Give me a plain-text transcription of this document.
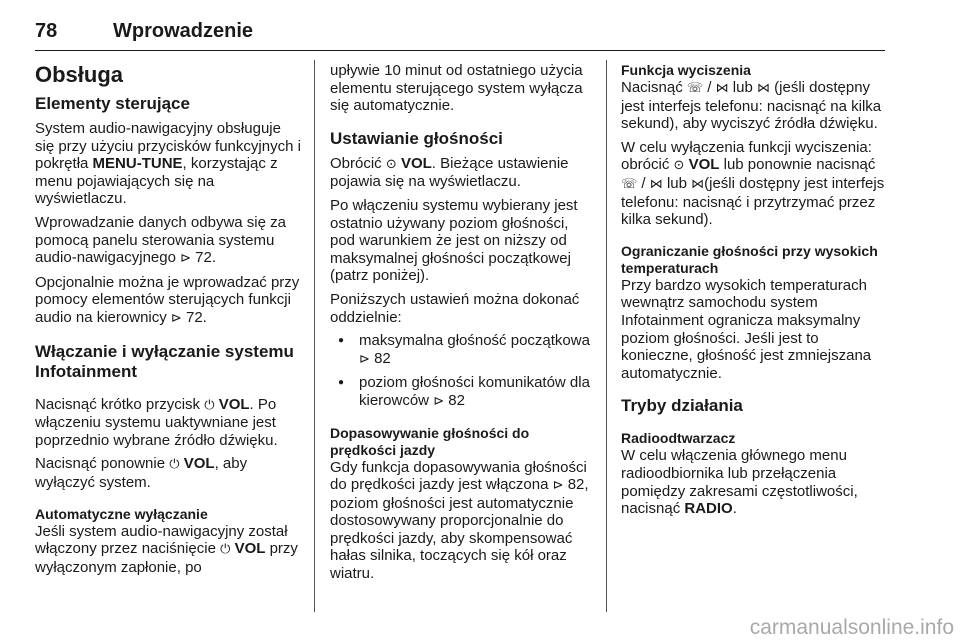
78	Wprowadzenie
Obsługa
Elementy sterujące

System audio-nawigacyjny obsługuje się przy użyciu przycisków funkcyjnych i pokrętła MENU-TUNE, korzystając z menu pojawiających się na wyświetlaczu.

Wprowadzanie danych odbywa się za pomocą panelu sterowania systemu audio-nawigacyjnego ⊳ 72.

Opcjonalnie można je wprowadzać przy pomocy elementów sterujących funkcji audio na kierownicy ⊳ 72.

Włączanie i wyłączanie systemu Infotainment

Nacisnąć krótko przycisk ⏻ VOL. Po włączeniu systemu uaktywniane jest poprzednio wybrane źródło dźwięku.

Nacisnąć ponownie ⏻ VOL, aby wyłączyć system.

Automatyczne wyłączanie

Jeśli system audio-nawigacyjny został włączony przez naciśnięcie ⏻ VOL przy wyłączonym zapłonie, po

upływie 10 minut od ostatniego użycia elementu sterującego system wyłącza się automatycznie.

Ustawianie głośności

Obrócić ⊙ VOL. Bieżące ustawienie pojawia się na wyświetlaczu.

Po włączeniu systemu wybierany jest ostatnio używany poziom głośności, pod warunkiem że jest on niższy od maksymalnej głośności początkowej (patrz poniżej).

Poniższych ustawień można dokonać oddzielnie:

● maksymalna głośność początkowa ⊳ 82
● poziom głośności komunikatów dla kierowców ⊳ 82
Dopasowywanie głośności do prędkości jazdy

Gdy funkcja dopasowywania głośności do prędkości jazdy jest włączona ⊳ 82, poziom głośności jest automatycznie dostosowywany proporcjonalnie do prędkości jazdy, aby skompensować hałas silnika, toczących się kół oraz wiatru.

Funkcja wyciszenia

Nacisnąć ☏ / ⋈ lub ⋈ (jeśli dostępny jest interfejs telefonu: nacisnąć na kilka sekund), aby wyciszyć źródła dźwięku.

W celu wyłączenia funkcji wyciszenia: obrócić ⊙ VOL lub ponownie nacisnąć ☏ / ⋈ lub ⋈(jeśli dostępny jest interfejs telefonu: nacisnąć i przytrzymać przez kilka sekund).

Ograniczanie głośności przy wysokich temperaturach

Przy bardzo wysokich temperaturach wewnątrz samochodu system Infotainment ogranicza maksymalny poziom głośności. Jeśli jest to konieczne, głośność jest zmniejszana automatycznie.

Tryby działania
Radioodtwarzacz

W celu włączenia głównego menu radioodbiornika lub przełączenia pomiędzy zakresami częstotliwości, nacisnąć RADIO.

carmanualsonline.info
